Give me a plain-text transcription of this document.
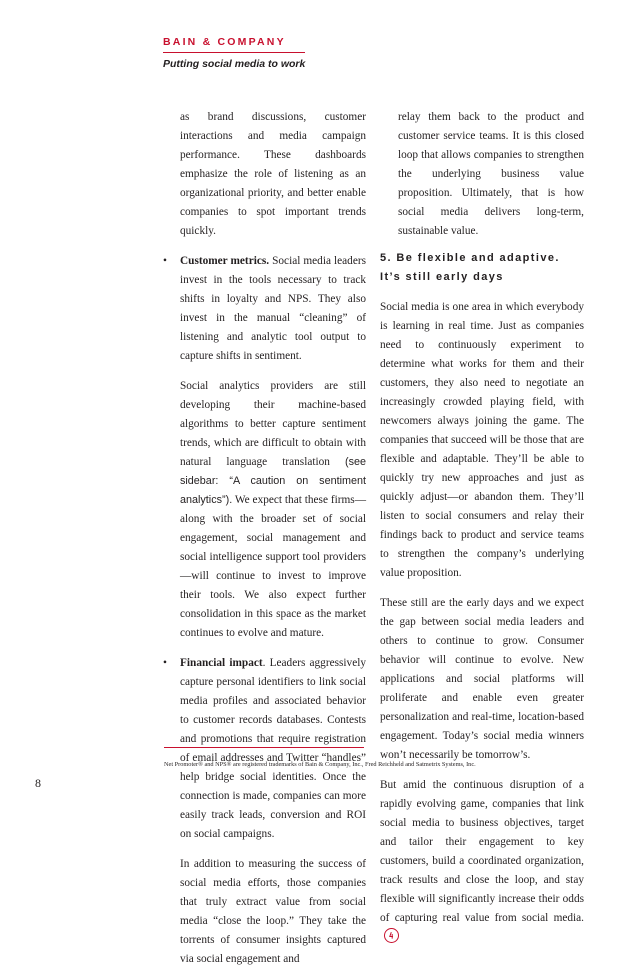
BAIN & COMPANY
Putting social media to work

as brand discussions, customer interactions and media campaign performance. These dashboards emphasize the role of listening as an organizational priority, and better enable companies to spot important trends quickly.

• Customer metrics. Social media leaders invest in the tools necessary to track shifts in loyalty and NPS. They also invest in the manual “cleaning” of listening and analytic tool output to capture shifts in sentiment.

Social analytics providers are still developing their machine-based algorithms to better capture sentiment trends, which are difficult to obtain with natural language translation (see sidebar: “A caution on sentiment analytics”). We expect that these firms—along with the broader set of social engagement, social management and social intelligence support tool providers—will continue to invest to improve their tools. We also expect further consolidation in this space as the market continues to evolve and mature.

• Financial impact. Leaders aggressively capture personal identifiers to link social media profiles and associated behavior to customer records databases. Contests and promotions that require registration of email addresses and Twitter “handles” help bridge social identities. Once the connection is made, companies can more easily track leads, conversion and ROI on social campaigns.

In addition to measuring the success of social media efforts, those companies that truly extract value from social media “close the loop.” They take the torrents of consumer insights captured via social engagement and

relay them back to the product and customer service teams. It is this closed loop that allows companies to strengthen the underlying business value proposition. Ultimately, that is how social media delivers long-term, sustainable value.

5. Be flexible and adaptive. It’s still early days

Social media is one area in which everybody is learning in real time. Just as companies need to continuously experiment to determine what works for them and their customers, they also need to negotiate an increasingly crowded playing field, with newcomers always joining the game. The companies that succeed will be those that are flexible and adaptable. They’ll be able to quickly try new approaches and just as quickly adjust—or abandon them. They’ll listen to social consumers and relay their findings back to product and service teams to strengthen the company’s underlying value proposition.

These still are the early days and we expect the gap between social media leaders and others to continue to grow. Consumer behavior will continue to evolve. New applications and social platforms will proliferate and enable even greater personalization and real-time, location-based engagement. Today’s social media winners won’t necessarily be tomorrow’s.

But amid the continuous disruption of a rapidly evolving game, companies that link social media to business objectives, target and tailor their engagement to key customers, build a coordinated organization, track results and close the loop, and stay flexible will significantly increase their odds of capturing real value from social media.

Net Promoter® and NPS® are registered trademarks of Bain & Company, Inc., Fred Reichheld and Satmetrix Systems, Inc.
8
